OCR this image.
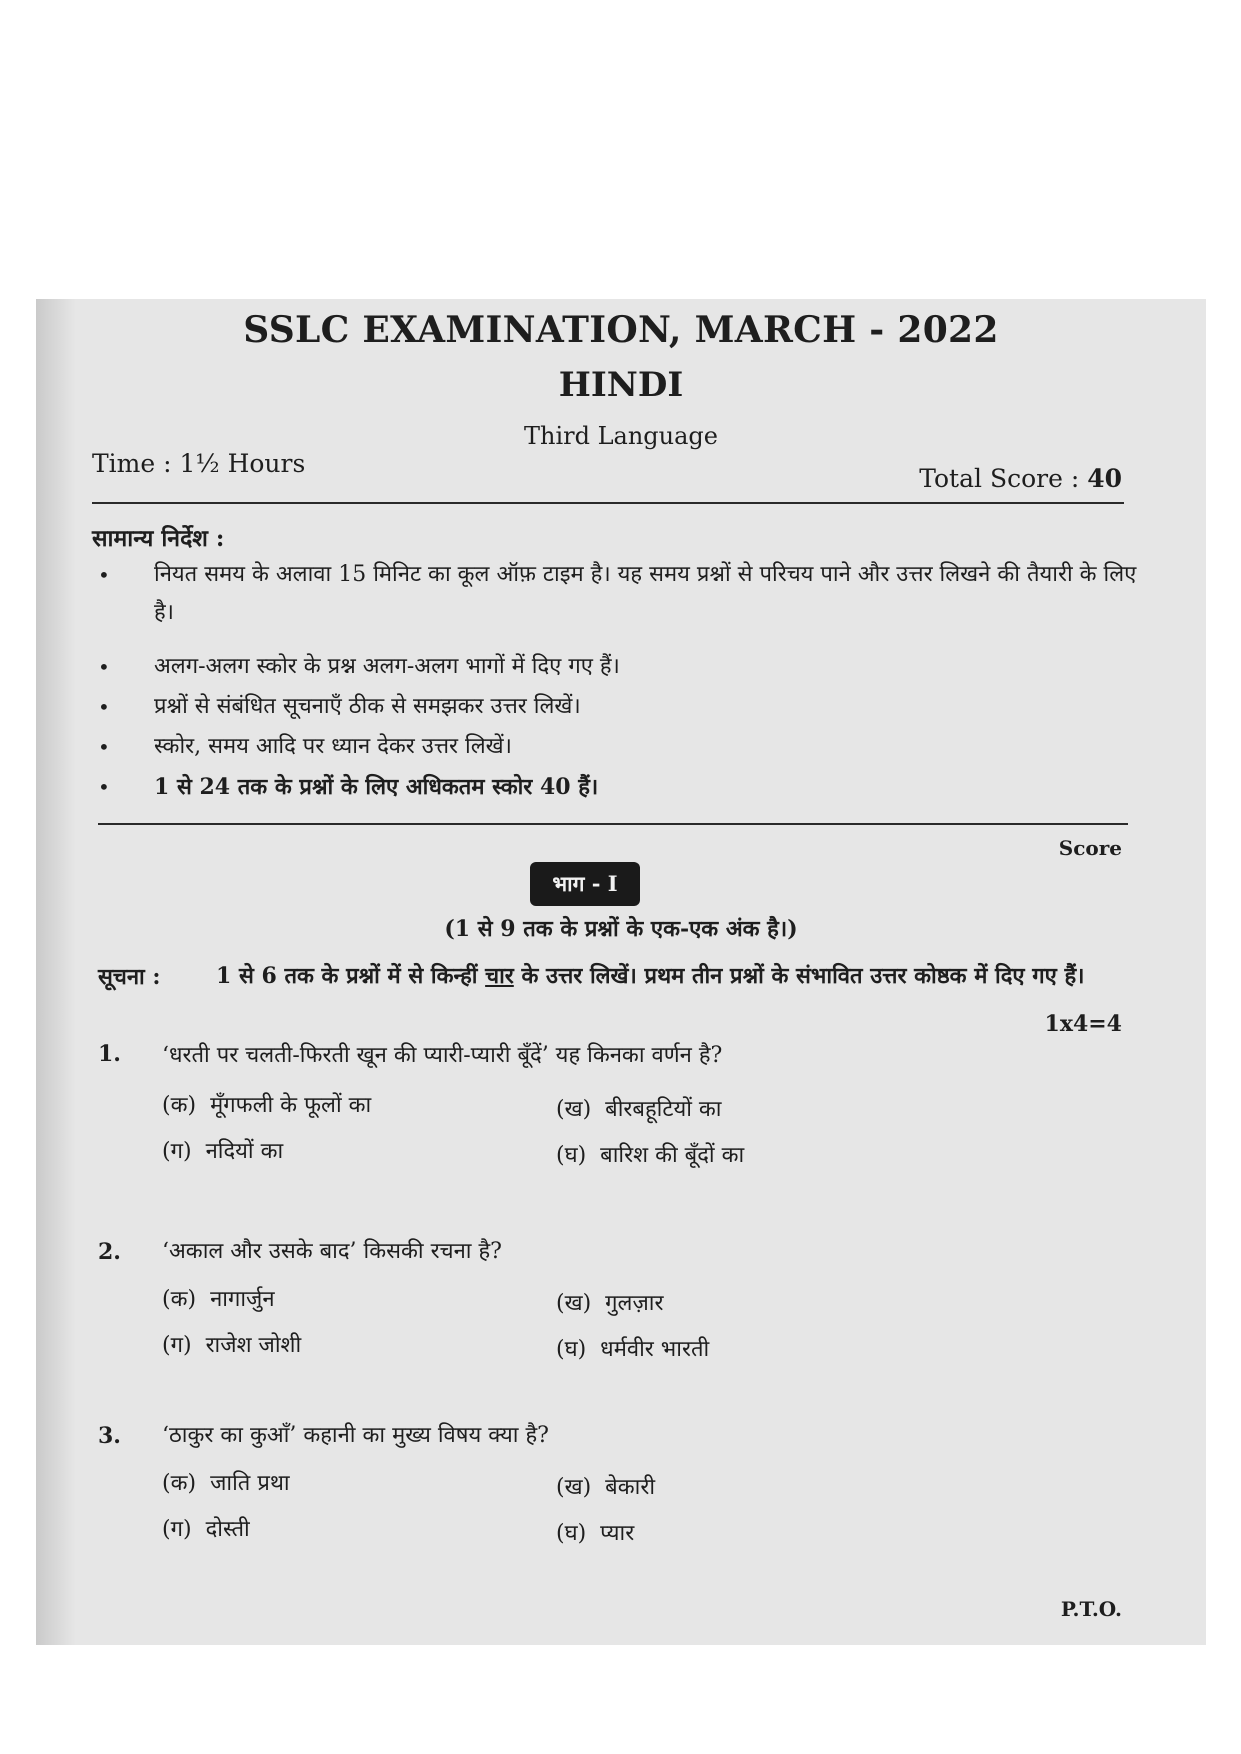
SSLC EXAMINATION, MARCH - 2022
HINDI
Third Language
Time : 1½ Hours
Total Score : 40
सामान्य निर्देश :
• नियत समय के अलावा 15 मिनिट का कूल ऑफ़ टाइम है। यह समय प्रश्नों से परिचय पाने और उत्तर लिखने की तैयारी के लिए है।
• अलग-अलग स्कोर के प्रश्न अलग-अलग भागों में दिए गए हैं।
• प्रश्नों से संबंधित सूचनाएँ ठीक से समझकर उत्तर लिखें।
• स्कोर, समय आदि पर ध्यान देकर उत्तर लिखें।
• 1 से 24 तक के प्रश्नों के लिए अधिकतम स्कोर 40 हैं।
Score
भाग - I
(1 से 9 तक के प्रश्नों के एक-एक अंक है।)
सूचना :	1 से 6 तक के प्रश्नों में से किन्हीं चार के उत्तर लिखें। प्रथम तीन प्रश्नों के संभावित उत्तर कोष्ठक में दिए गए हैं।
1x4=4
1. ‘धरती पर चलती-फिरती खून की प्यारी-प्यारी बूँदें’ यह किनका वर्णन है?
(क) मूँगफली के फूलों का	(ख) बीरबहूटियों का
(ग) नदियों का	(घ) बारिश की बूँदों का
2. ‘अकाल और उसके बाद’ किसकी रचना है?
(क) नागार्जुन	(ख) गुलज़ार
(ग) राजेश जोशी	(घ) धर्मवीर भारती
3. ‘ठाकुर का कुआँ’ कहानी का मुख्य विषय क्या है?
(क) जाति प्रथा	(ख) बेकारी
(ग) दोस्ती	(घ) प्यार
P.T.O.
